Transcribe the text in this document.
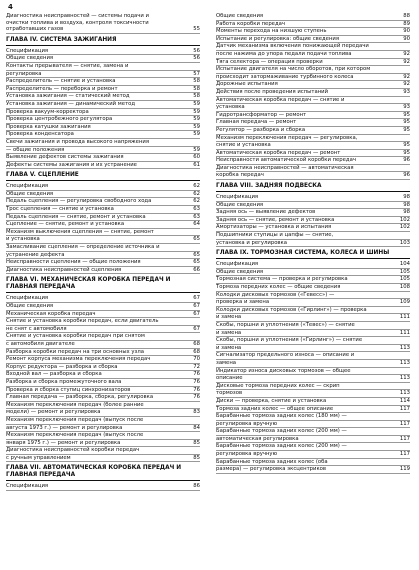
4
Диагностика неисправностей — системы подачи и
очистки топлива и воздуха, контроля токсичности
отработавших газов	55
ГЛАВА IV. СИСТЕМА ЗАЖИГАНИЯ
Спецификация	56
Общие сведения	56
Контакты прерывателя — снятие, замена и
регулировка	57
Распределитель — снятие и установка	58
Распределитель — переборка и ремонт	58
Установка зажигания — статический метод	58
Установка зажигания — динамический метод	59
Проверка вакуум-корректора	59
Проверка центробежного регулятора	59
Проверка катушки зажигания	59
Проверка конденсатора	59
Свечи зажигания и провода высокого напряжения
— общие положения	59
Выявление дефектов системы зажигания	60
Дефекты системы зажигания и их устранение	61
ГЛАВА V. СЦЕПЛЕНИЕ
Спецификация	62
Общие сведения	62
Педаль сцепления — регулировка свободного хода	62
Трос сцепления — снятие и установка	63
Педаль сцепления — снятие, ремонт и установка	63
Сцепление — снятие, ремонт и установка	64
Механизм выключения сцепления — снятие, ремонт
и установка	65
Замасливание сцепления — определение источника и
устранение дефекта	65
Неисправности сцепления — общие положения	65
Диагностика неисправностей сцепления	66
ГЛАВА VI. МЕХАНИЧЕСКАЯ КОРОБКА ПЕРЕДАЧ И ГЛАВНАЯ ПЕРЕДАЧА
Спецификация	67
Общие сведения	67
Механическая коробка передач	67
Снятие и установка коробки передач, если двигатель
не снят с автомобиля	67
Снятие и установка коробки передач при снятом
с автомобиля двигателе	68
Разборка коробки передач на три основных узла	68
Ремонт корпуса механизма переключения передач	70
Корпус редуктора — разборка и сборка	72
Входной вал — разборка и сборка	76
Разборка и сборка промежуточного вала	76
Проверка и сборка ступиц синхронизаторов	76
Главная передача — разборка, сборка, регулировка	76
Механизм переключения передач (более ранние
модели) — ремонт и регулировка	83
Механизм переключения передач (выпуск после
августа 1973 г.) — ремонт и регулировка	84
Механизм переключения передач (выпуск после
января 1975 г.) — ремонт и регулировка	85
Диагностика неисправностей коробки передач
с ручным управлением	85
ГЛАВА VII. АВТОМАТИЧЕСКАЯ КОРОБКА ПЕРЕДАЧ И ГЛАВНАЯ ПЕРЕДАЧА
Спецификация	86
Общие сведения	88
Работа коробки передач	89
Моменты перехода на низшую ступень	90
Испытание и регулировка: общие сведения	90
Датчик механизма включения понижающей передачи
после нажима до упора педали подачи топлива	92
Тяга селектора — операция проверки	92
Испытание двигателя на число оборотов, при котором
происходит затормаживание турбинного колеса	92
Дорожные испытания	92
Действия после проведения испытаний	93
Автоматическая коробка передач — снятие и
установка	93
Гидротрансформатор — ремонт	95
Главная передача — ремонт	95
Регулятор — разборка и сборка	95
Механизм переключения передач — регулировка,
снятие и установка	95
Автоматическая коробка передач — ремонт	95
Неисправности автоматической коробки передач	96
Диагностика неисправностей — автоматическая
коробка передач	96
ГЛАВА VIII. ЗАДНЯЯ ПОДВЕСКА
Спецификация	98
Общие сведения	98
Задняя ось — выявление дефектов	98
Задняя ось — снятие, ремонт и установка	102
Амортизаторы — установка и испытания	102
Подшипники ступицы и цапфы — снятие,
установка и регулировка	103
ГЛАВА IX. ТОРМОЗНАЯ СИСТЕМА, КОЛЕСА И ШИНЫ
Спецификация	104
Общие сведения	105
Тормозная система — проверка и регулировка	105
Тормоза передних колес — общие сведения	108
Колодки дисковых тормозов («Гевесс») —
проверка и замена	109
Колодки дисковых тормозов («Гирлинг») — проверка
и замена	111
Скобы, поршни и уплотнения («Тевес») — снятие
и замена	111
Скобы, поршни и уплотнения («Гирлинг») — снятие
и замена	113
Сигнализатор предельного износа — описание и
замена	113
Индикатор износа дисковых тормозов — общее
описание	113
Дисковые тормоза передних колес — скрип
тормозов	113
Диски — проверка, снятие и установка	114
Тормоза задних колес — общее описание	117
Барабанные тормоза задних колес (180 мм) —
регулировка вручную	117
Барабанные тормоза задних колес (200 мм) —
автоматическая регулировка	117
Барабанные тормоза задних колес (200 мм) —
регулировка вручную	117
Барабанные тормоза задних колес (оба
размера) — регулировка эксцентриков	119
